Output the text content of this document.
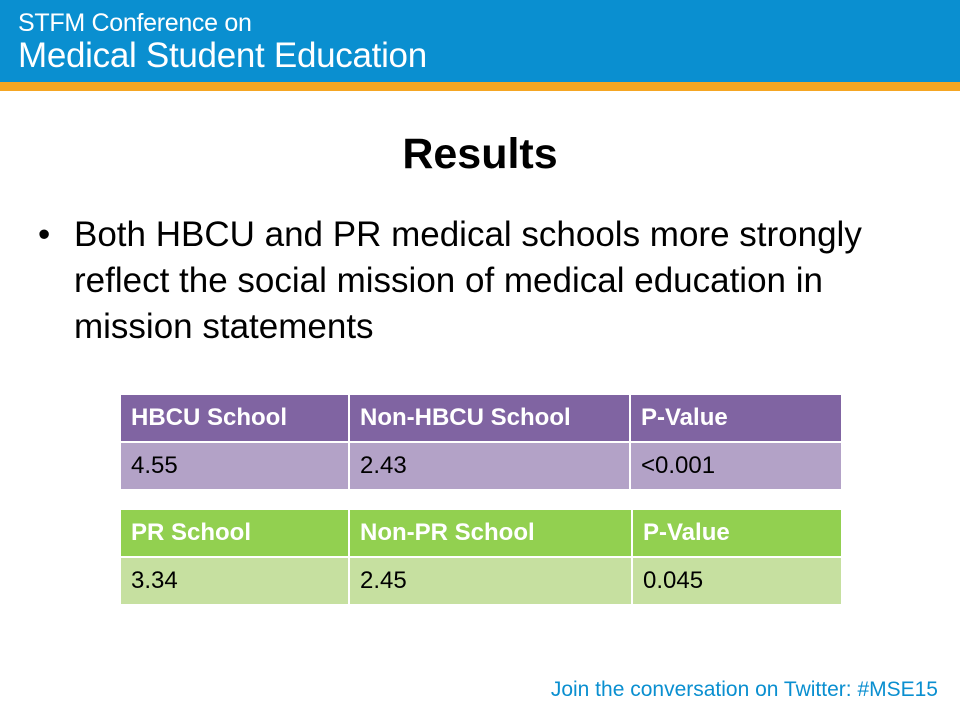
STFM Conference on
Medical Student Education
Results
• Both HBCU and PR medical schools more strongly reflect the social mission of medical education in mission statements
HBCU School	Non-HBCU School	P-Value
4.55	2.43	<0.001
PR School	Non-PR School	P-Value
3.34	2.45	0.045
Join the conversation on Twitter: #MSE15
